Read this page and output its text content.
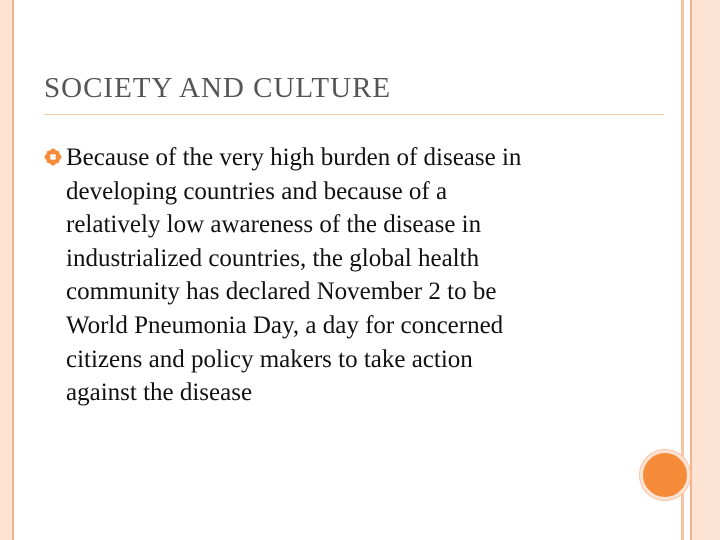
SOCIETY AND CULTURE

Because of the very high burden of disease in
developing countries and because of a
relatively low awareness of the disease in
industrialized countries, the global health
community has declared November 2 to be
World Pneumonia Day, a day for concerned
citizens and policy makers to take action
against the disease
